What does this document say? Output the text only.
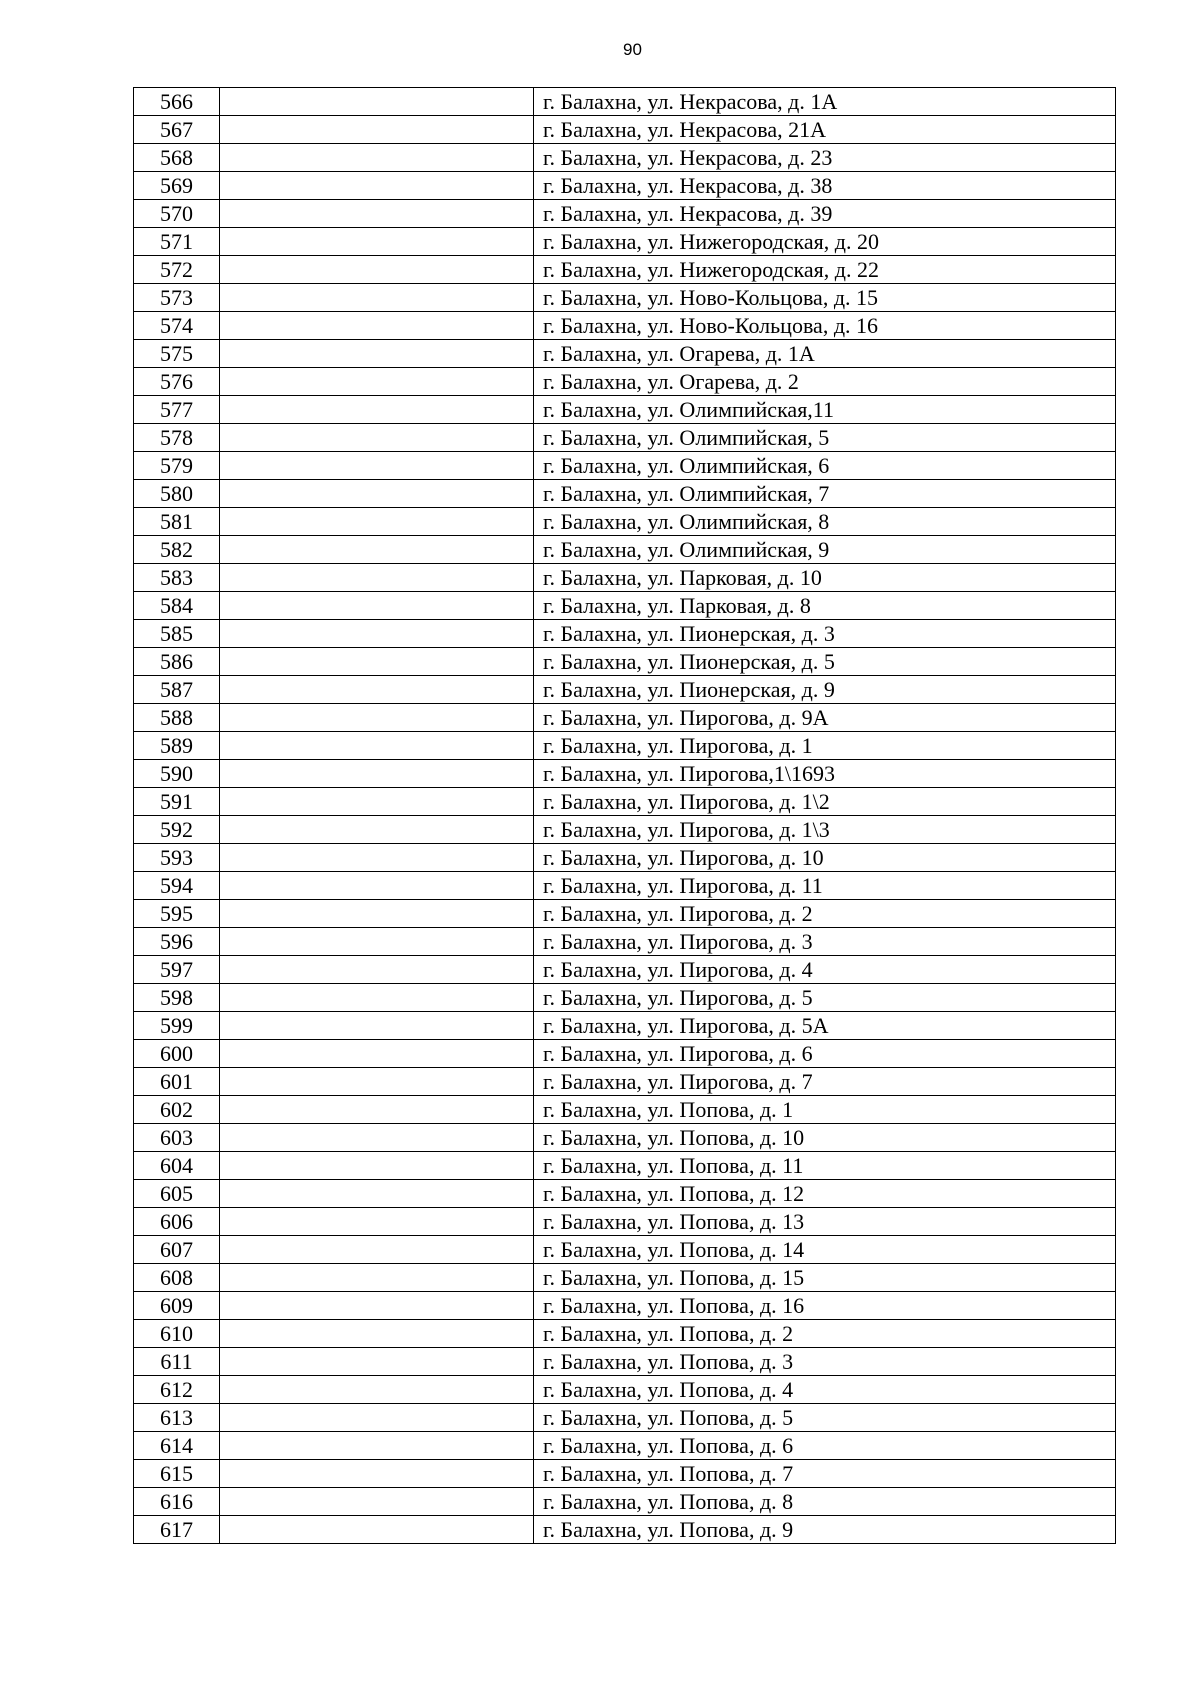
90
566		г. Балахна, ул. Некрасова, д. 1А
567		г. Балахна, ул. Некрасова, 21А
568		г. Балахна, ул. Некрасова, д. 23
569		г. Балахна, ул. Некрасова, д. 38
570		г. Балахна, ул. Некрасова, д. 39
571		г. Балахна, ул. Нижегородская, д. 20
572		г. Балахна, ул. Нижегородская, д. 22
573		г. Балахна, ул. Ново-Кольцова, д. 15
574		г. Балахна, ул. Ново-Кольцова, д. 16
575		г. Балахна, ул. Огарева, д. 1А
576		г. Балахна, ул. Огарева, д. 2
577		г. Балахна, ул. Олимпийская,11
578		г. Балахна, ул. Олимпийская, 5
579		г. Балахна, ул. Олимпийская, 6
580		г. Балахна, ул. Олимпийская, 7
581		г. Балахна, ул. Олимпийская, 8
582		г. Балахна, ул. Олимпийская, 9
583		г. Балахна, ул. Парковая, д. 10
584		г. Балахна, ул. Парковая, д. 8
585		г. Балахна, ул. Пионерская, д. 3
586		г. Балахна, ул. Пионерская, д. 5
587		г. Балахна, ул. Пионерская, д. 9
588		г. Балахна, ул. Пирогова, д. 9А
589		г. Балахна, ул. Пирогова, д. 1
590		г. Балахна, ул. Пирогова,1\1693
591		г. Балахна, ул. Пирогова, д. 1\2
592		г. Балахна, ул. Пирогова, д. 1\3
593		г. Балахна, ул. Пирогова, д. 10
594		г. Балахна, ул. Пирогова, д. 11
595		г. Балахна, ул. Пирогова, д. 2
596		г. Балахна, ул. Пирогова, д. 3
597		г. Балахна, ул. Пирогова, д. 4
598		г. Балахна, ул. Пирогова, д. 5
599		г. Балахна, ул. Пирогова, д. 5А
600		г. Балахна, ул. Пирогова, д. 6
601		г. Балахна, ул. Пирогова, д. 7
602		г. Балахна, ул. Попова, д. 1
603		г. Балахна, ул. Попова, д. 10
604		г. Балахна, ул. Попова, д. 11
605		г. Балахна, ул. Попова, д. 12
606		г. Балахна, ул. Попова, д. 13
607		г. Балахна, ул. Попова, д. 14
608		г. Балахна, ул. Попова, д. 15
609		г. Балахна, ул. Попова, д. 16
610		г. Балахна, ул. Попова, д. 2
611		г. Балахна, ул. Попова, д. 3
612		г. Балахна, ул. Попова, д. 4
613		г. Балахна, ул. Попова, д. 5
614		г. Балахна, ул. Попова, д. 6
615		г. Балахна, ул. Попова, д. 7
616		г. Балахна, ул. Попова, д. 8
617		г. Балахна, ул. Попова, д. 9
